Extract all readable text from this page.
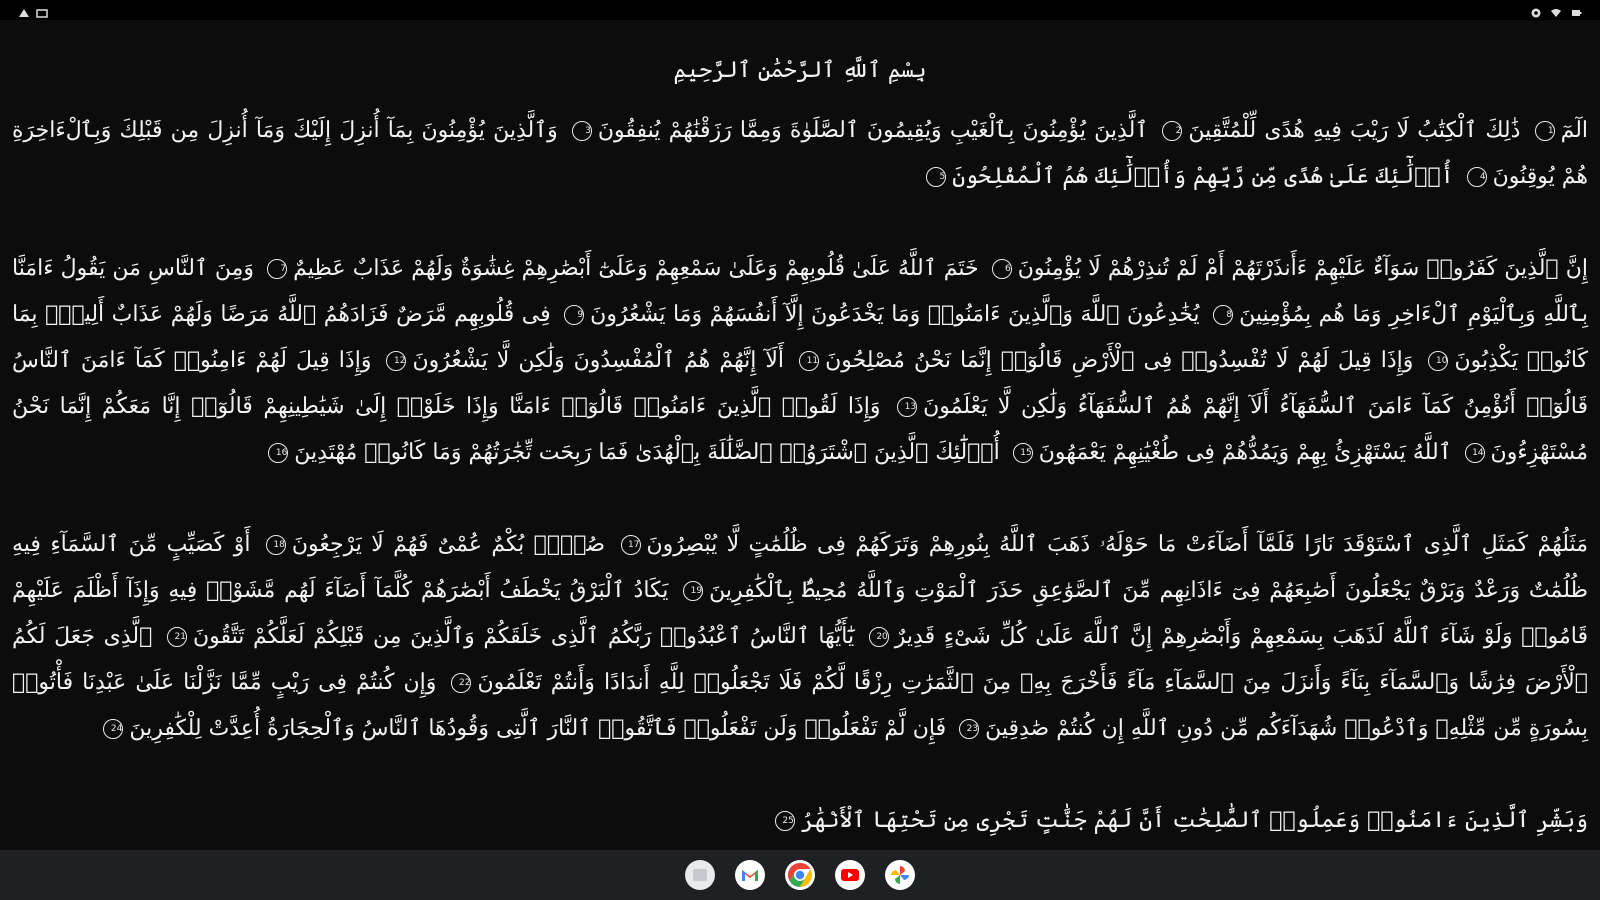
بِسْمِ ٱللَّهِ ٱلرَّحْمَٰنِ ٱلرَّحِيمِ
الٓمٓ1 ذَٰلِكَ ٱلْكِتَٰبُ لَا رَيْبَ فِيهِ هُدًى لِّلْمُتَّقِينَ2 ٱلَّذِينَ يُؤْمِنُونَ بِٱلْغَيْبِ وَيُقِيمُونَ ٱلصَّلَوٰةَ وَمِمَّا رَزَقْنَٰهُمْ يُنفِقُونَ3 وَٱلَّذِينَ يُؤْمِنُونَ بِمَآ أُنزِلَ إِلَيْكَ وَمَآ أُنزِلَ مِن قَبْلِكَ وَبِٱلْءَاخِرَةِ هُمْ يُوقِنُونَ4 أُو۟لَٰٓئِكَ عَلَىٰ هُدًى مِّن رَّبِّهِمْ وَأُو۟لَٰٓئِكَ هُمُ ٱلْمُفْلِحُونَ5
إِنَّ ٱلَّذِينَ كَفَرُوا۟ سَوَآءٌ عَلَيْهِمْ ءَأَنذَرْتَهُمْ أَمْ لَمْ تُنذِرْهُمْ لَا يُؤْمِنُونَ6 خَتَمَ ٱللَّهُ عَلَىٰ قُلُوبِهِمْ وَعَلَىٰ سَمْعِهِمْ وَعَلَىٰٓ أَبْصَٰرِهِمْ غِشَٰوَةٌ وَلَهُمْ عَذَابٌ عَظِيمٌ7 وَمِنَ ٱلنَّاسِ مَن يَقُولُ ءَامَنَّا بِٱللَّهِ وَبِٱلْيَوْمِ ٱلْءَاخِرِ وَمَا هُم بِمُؤْمِنِينَ8 يُخَٰدِعُونَ ٱللَّهَ وَٱلَّذِينَ ءَامَنُوا۟ وَمَا يَخْدَعُونَ إِلَّآ أَنفُسَهُمْ وَمَا يَشْعُرُونَ9 فِى قُلُوبِهِم مَّرَضٌ فَزَادَهُمُ ٱللَّهُ مَرَضًا وَلَهُمْ عَذَابٌ أَلِيمٌۢ بِمَا كَانُوا۟ يَكْذِبُونَ10 وَإِذَا قِيلَ لَهُمْ لَا تُفْسِدُوا۟ فِى ٱلْأَرْضِ قَالُوٓا۟ إِنَّمَا نَحْنُ مُصْلِحُونَ11 أَلَآ إِنَّهُمْ هُمُ ٱلْمُفْسِدُونَ وَلَٰكِن لَّا يَشْعُرُونَ12 وَإِذَا قِيلَ لَهُمْ ءَامِنُوا۟ كَمَآ ءَامَنَ ٱلنَّاسُ قَالُوٓا۟ أَنُؤْمِنُ كَمَآ ءَامَنَ ٱلسُّفَهَآءُ أَلَآ إِنَّهُمْ هُمُ ٱلسُّفَهَآءُ وَلَٰكِن لَّا يَعْلَمُونَ13 وَإِذَا لَقُوا۟ ٱلَّذِينَ ءَامَنُوا۟ قَالُوٓا۟ ءَامَنَّا وَإِذَا خَلَوْا۟ إِلَىٰ شَيَٰطِينِهِمْ قَالُوٓا۟ إِنَّا مَعَكُمْ إِنَّمَا نَحْنُ مُسْتَهْزِءُونَ14 ٱللَّهُ يَسْتَهْزِئُ بِهِمْ وَيَمُدُّهُمْ فِى طُغْيَٰنِهِمْ يَعْمَهُونَ15 أُو۟لَٰٓئِكَ ٱلَّذِينَ ٱشْتَرَوُا۟ ٱلضَّلَٰلَةَ بِٱلْهُدَىٰ فَمَا رَبِحَت تِّجَٰرَتُهُمْ وَمَا كَانُوا۟ مُهْتَدِينَ16
مَثَلُهُمْ كَمَثَلِ ٱلَّذِى ٱسْتَوْقَدَ نَارًا فَلَمَّآ أَضَآءَتْ مَا حَوْلَهُۥ ذَهَبَ ٱللَّهُ بِنُورِهِمْ وَتَرَكَهُمْ فِى ظُلُمَٰتٍ لَّا يُبْصِرُونَ17 صُمٌّۢ بُكْمٌ عُمْىٌ فَهُمْ لَا يَرْجِعُونَ18 أَوْ كَصَيِّبٍ مِّنَ ٱلسَّمَآءِ فِيهِ ظُلُمَٰتٌ وَرَعْدٌ وَبَرْقٌ يَجْعَلُونَ أَصَٰبِعَهُمْ فِىٓ ءَاذَانِهِم مِّنَ ٱلصَّوَٰعِقِ حَذَرَ ٱلْمَوْتِ وَٱللَّهُ مُحِيطٌۢ بِٱلْكَٰفِرِينَ19 يَكَادُ ٱلْبَرْقُ يَخْطَفُ أَبْصَٰرَهُمْ كُلَّمَآ أَضَآءَ لَهُم مَّشَوْا۟ فِيهِ وَإِذَآ أَظْلَمَ عَلَيْهِمْ قَامُوا۟ وَلَوْ شَآءَ ٱللَّهُ لَذَهَبَ بِسَمْعِهِمْ وَأَبْصَٰرِهِمْ إِنَّ ٱللَّهَ عَلَىٰ كُلِّ شَىْءٍ قَدِيرٌ20 يَٰٓأَيُّهَا ٱلنَّاسُ ٱعْبُدُوا۟ رَبَّكُمُ ٱلَّذِى خَلَقَكُمْ وَٱلَّذِينَ مِن قَبْلِكُمْ لَعَلَّكُمْ تَتَّقُونَ21 ٱلَّذِى جَعَلَ لَكُمُ ٱلْأَرْضَ فِرَٰشًا وَٱلسَّمَآءَ بِنَآءً وَأَنزَلَ مِنَ ٱلسَّمَآءِ مَآءً فَأَخْرَجَ بِهِۦ مِنَ ٱلثَّمَرَٰتِ رِزْقًا لَّكُمْ فَلَا تَجْعَلُوا۟ لِلَّهِ أَندَادًا وَأَنتُمْ تَعْلَمُونَ22 وَإِن كُنتُمْ فِى رَيْبٍ مِّمَّا نَزَّلْنَا عَلَىٰ عَبْدِنَا فَأْتُوا۟ بِسُورَةٍ مِّن مِّثْلِهِۦ وَٱدْعُوا۟ شُهَدَآءَكُم مِّن دُونِ ٱللَّهِ إِن كُنتُمْ صَٰدِقِينَ23 فَإِن لَّمْ تَفْعَلُوا۟ وَلَن تَفْعَلُوا۟ فَٱتَّقُوا۟ ٱلنَّارَ ٱلَّتِى وَقُودُهَا ٱلنَّاسُ وَٱلْحِجَارَةُ أُعِدَّتْ لِلْكَٰفِرِينَ24
وَبَشِّرِ ٱلَّذِينَ ءَامَنُوا۟ وَعَمِلُوا۟ ٱلصَّٰلِحَٰتِ أَنَّ لَهُمْ جَنَّٰتٍ تَجْرِى مِن تَحْتِهَا ٱلْأَنْهَٰرُ25
